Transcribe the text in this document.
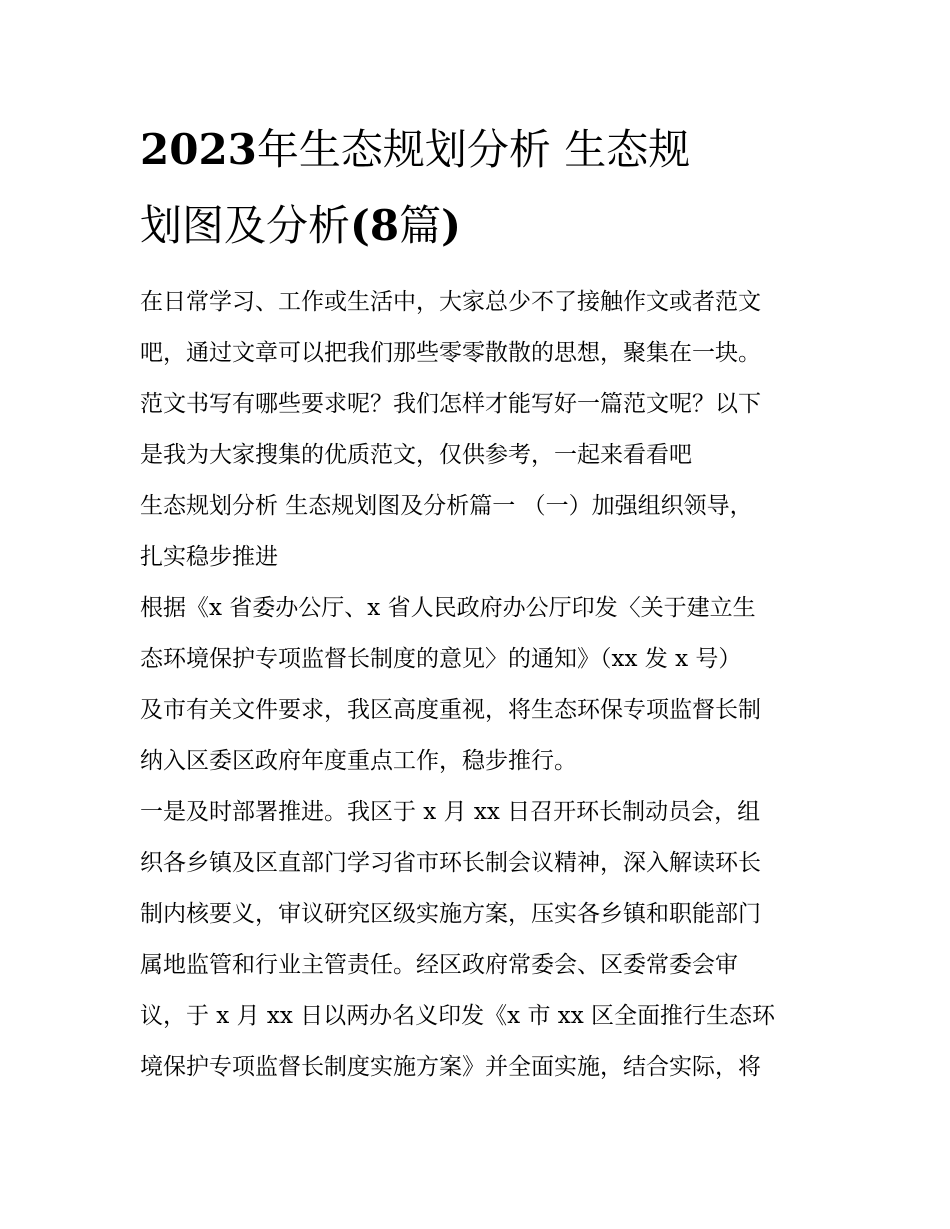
2023年生态规划分析 生态规
划图及分析(8篇)
在日常学习、工作或生活中，大家总少不了接触作文或者范文
吧，通过文章可以把我们那些零零散散的思想，聚集在一块。
范文书写有哪些要求呢？我们怎样才能写好一篇范文呢？以下
是我为大家搜集的优质范文，仅供参考，一起来看看吧
生态规划分析 生态规划图及分析篇一 （一）加强组织领导，
扎实稳步推进
根据《x 省委办公厅、x 省人民政府办公厅印发〈关于建立生
态环境保护专项监督长制度的意见〉的通知》（xx 发 x 号）
及市有关文件要求，我区高度重视，将生态环保专项监督长制
纳入区委区政府年度重点工作，稳步推行。
一是及时部署推进。我区于 x 月 xx 日召开环长制动员会，组
织各乡镇及区直部门学习省市环长制会议精神，深入解读环长
制内核要义，审议研究区级实施方案，压实各乡镇和职能部门
属地监管和行业主管责任。经区政府常委会、区委常委会审
议，于 x 月 xx 日以两办名义印发《x 市 xx 区全面推行生态环
境保护专项监督长制度实施方案》并全面实施，结合实际，将
